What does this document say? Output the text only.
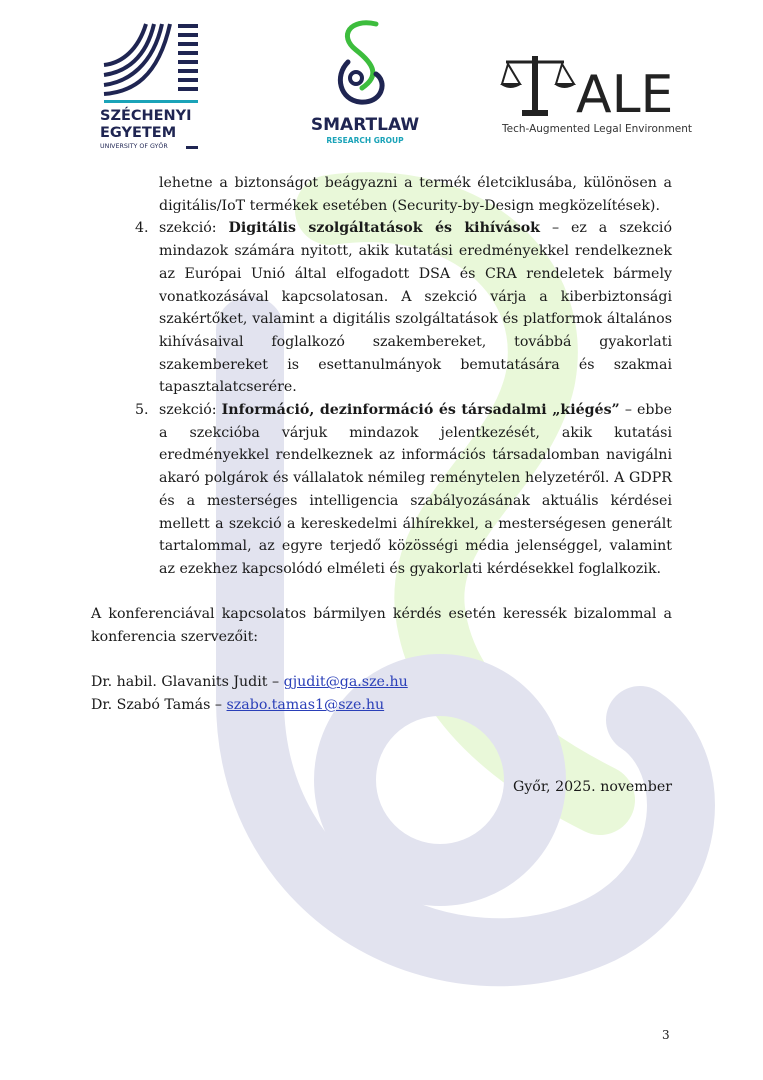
SZÉCHENYI
EGYETEM
UNIVERSITY OF GYŐR
SMARTLAW
RESEARCH GROUP
ALE
Tech-Augmented Legal Environment

lehetne a biztonságot beágyazni a termék életciklusába, különösen a digitális/IoT termékek esetében (Security-by-Design megközelítések).

4. szekció: Digitális szolgáltatások és kihívások – ez a szekció mindazok számára nyitott, akik kutatási eredményekkel rendelkeznek az Európai Unió által elfogadott DSA és CRA rendeletek bármely vonatkozásával kapcsolatosan. A szekció várja a kiberbiztonsági szakértőket, valamint a digitális szolgáltatások és platformok általános kihívásaival foglalkozó szakembereket, továbbá gyakorlati szakembereket is esettanulmányok bemutatására és szakmai tapasztalatcserére.

5. szekció: Információ, dezinformáció és társadalmi „kiégés” – ebbe a szekcióba várjuk mindazok jelentkezését, akik kutatási eredményekkel rendelkeznek az információs társadalomban navigálni akaró polgárok és vállalatok némileg reménytelen helyzetéről. A GDPR és a mesterséges intelligencia szabályozásának aktuális kérdései mellett a szekció a kereskedelmi álhírekkel, a mesterségesen generált tartalommal, az egyre terjedő közösségi média jelenséggel, valamint az ezekhez kapcsolódó elméleti és gyakorlati kérdésekkel foglalkozik.

A konferenciával kapcsolatos bármilyen kérdés esetén keressék bizalommal a konferencia szervezőit:

Dr. habil. Glavanits Judit – gjudit@ga.sze.hu

Dr. Szabó Tamás – szabo.tamas1@sze.hu

Győr, 2025. november

3
